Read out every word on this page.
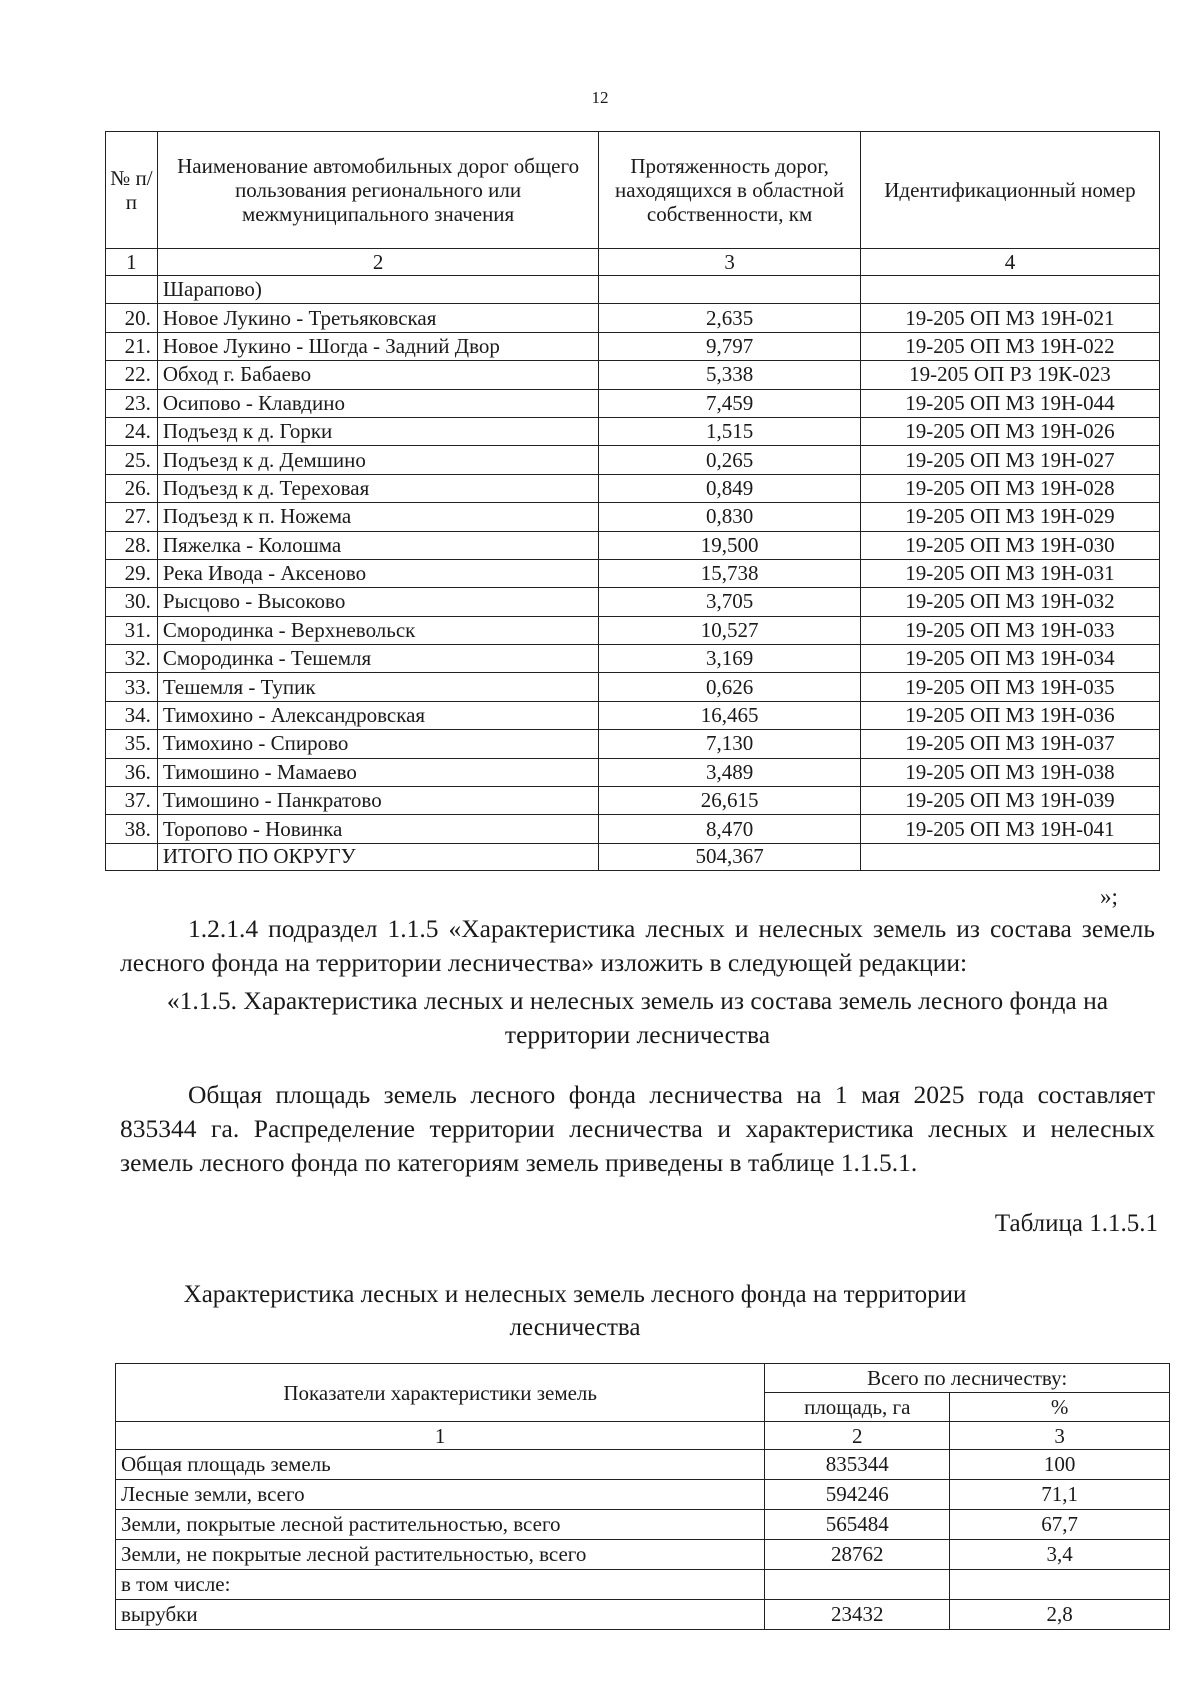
12
№ п/п	Наименование автомобильных дорог общего пользования регионального или межмуниципального значения	Протяженность дорог, находящихся в областной собственности, км	Идентификационный номер
1	2	3	4
	Шарапово)		
20.	Новое Лукино - Третьяковская	2,635	19-205 ОП МЗ 19Н-021
21.	Новое Лукино - Шогда - Задний Двор	9,797	19-205 ОП МЗ 19Н-022
22.	Обход г. Бабаево	5,338	19-205 ОП РЗ 19К-023
23.	Осипово - Клавдино	7,459	19-205 ОП МЗ 19Н-044
24.	Подъезд к д. Горки	1,515	19-205 ОП МЗ 19Н-026
25.	Подъезд к д. Демшино	0,265	19-205 ОП МЗ 19Н-027
26.	Подъезд к д. Тереховая	0,849	19-205 ОП МЗ 19Н-028
27.	Подъезд к п. Ножема	0,830	19-205 ОП МЗ 19Н-029
28.	Пяжелка - Колошма	19,500	19-205 ОП МЗ 19Н-030
29.	Река Ивода - Аксеново	15,738	19-205 ОП МЗ 19Н-031
30.	Рысцово - Высоково	3,705	19-205 ОП МЗ 19Н-032
31.	Смородинка - Верхневольск	10,527	19-205 ОП МЗ 19Н-033
32.	Смородинка - Тешемля	3,169	19-205 ОП МЗ 19Н-034
33.	Тешемля - Тупик	0,626	19-205 ОП МЗ 19Н-035
34.	Тимохино - Александровская	16,465	19-205 ОП МЗ 19Н-036
35.	Тимохино - Спирово	7,130	19-205 ОП МЗ 19Н-037
36.	Тимошино - Мамаево	3,489	19-205 ОП МЗ 19Н-038
37.	Тимошино - Панкратово	26,615	19-205 ОП МЗ 19Н-039
38.	Торопово - Новинка	8,470	19-205 ОП МЗ 19Н-041
	ИТОГО ПО ОКРУГУ	504,367	
»;

1.2.1.4 подраздел 1.1.5 «Характеристика лесных и нелесных земель из состава земель лесного фонда на территории лесничества» изложить в следующей редакции:

«1.1.5. Характеристика лесных и нелесных земель из состава земель лесного фонда на территории лесничества

Общая площадь земель лесного фонда лесничества на 1 мая 2025 года составляет 835344 га. Распределение территории лесничества и характеристика лесных и нелесных земель лесного фонда по категориям земель приведены в таблице 1.1.5.1.

Таблица 1.1.5.1
Характеристика лесных и нелесных земель лесного фонда на территории лесничества
Показатели характеристики земель	Всего по лесничеству:	
	площадь, га	%
1	2	3
Общая площадь земель	835344	100
Лесные земли, всего	594246	71,1
Земли, покрытые лесной растительностью, всего	565484	67,7
Земли, не покрытые лесной растительностью, всего	28762	3,4
в том числе:		
вырубки	23432	2,8
